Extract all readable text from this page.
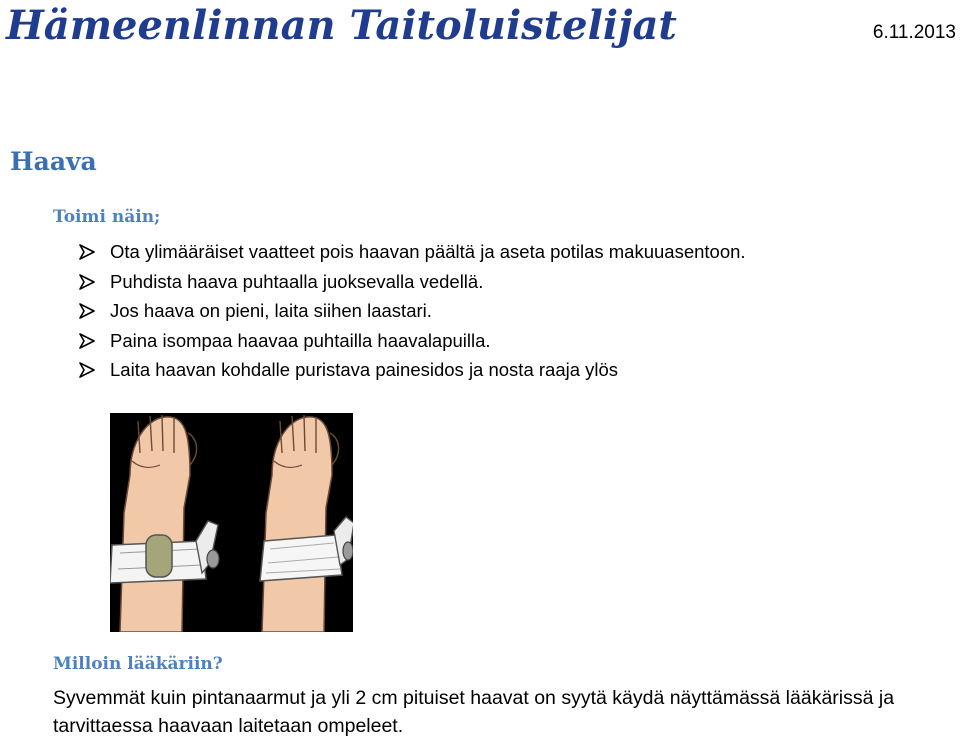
Hämeenlinnan Taitoluistelijat	6.11.2013
Haava
Toimi näin;
Ota ylimääräiset vaatteet pois haavan päältä ja aseta potilas makuuasentoon.
Puhdista haava puhtaalla juoksevalla vedellä.
Jos haava on pieni, laita siihen laastari.
Paina isompaa haavaa puhtailla haavalapuilla.
Laita haavan kohdalle puristava painesidos ja nosta raaja ylös
Milloin lääkäriin?
Syvemmät kuin pintanaarmut ja yli 2 cm pituiset haavat on syytä käydä näyttämässä lääkärissä ja tarvittaessa haavaan laitetaan ompeleet.
